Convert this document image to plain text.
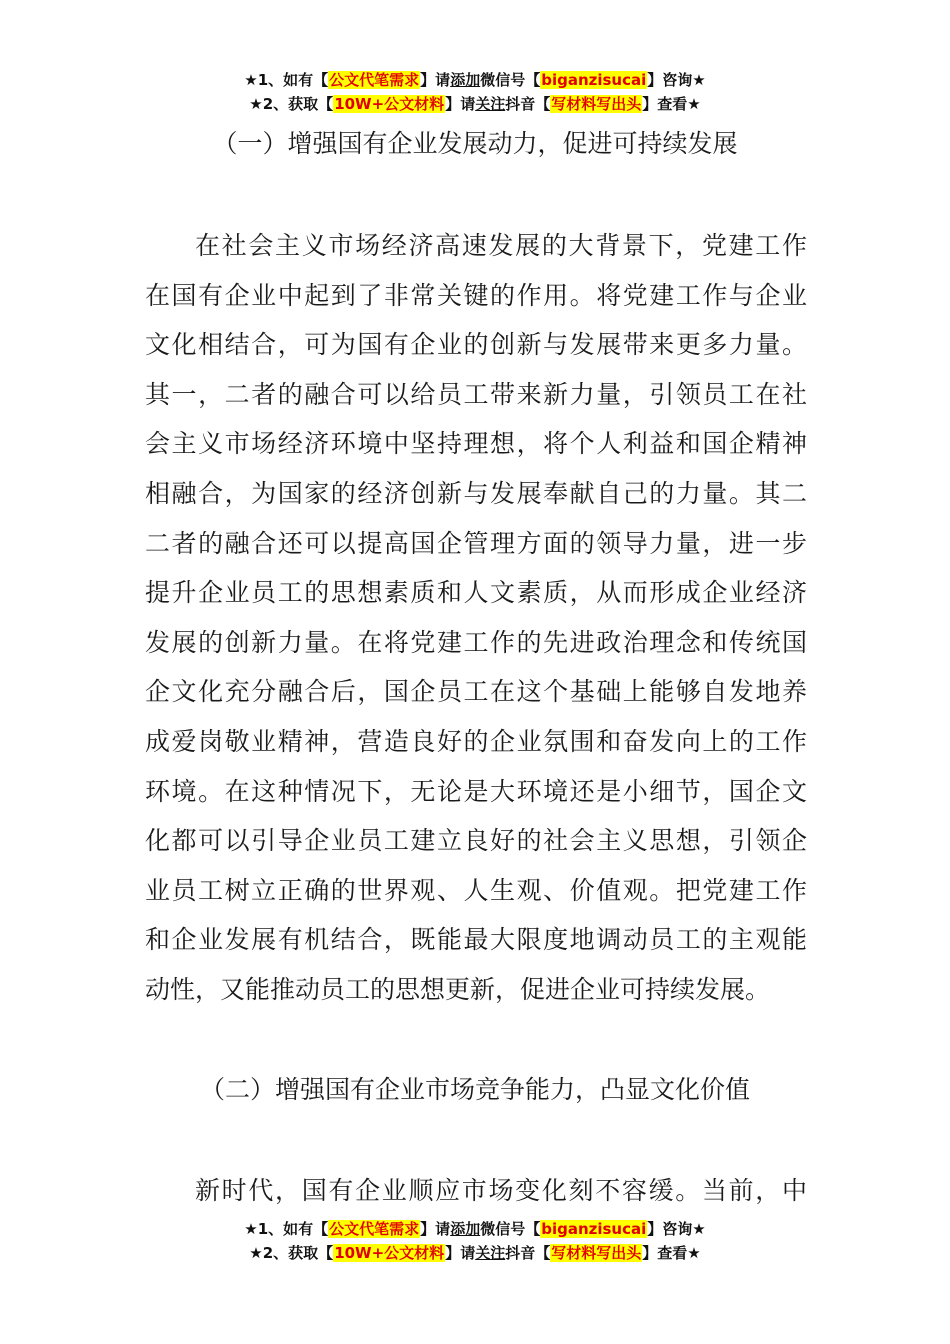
★1、如有【公文代笔需求】请添加微信号【biganzisucai】咨询★
★2、获取【10W+公文材料】请关注抖音【写材料写出头】查看★
（一）增强国有企业发展动力，促进可持续发展
在社会主义市场经济高速发展的大背景下，党建工作
在国有企业中起到了非常关键的作用。将党建工作与企业
文化相结合，可为国有企业的创新与发展带来更多力量。
其一，二者的融合可以给员工带来新力量，引领员工在社
会主义市场经济环境中坚持理想，将个人利益和国企精神
相融合，为国家的经济创新与发展奉献自己的力量。其二
二者的融合还可以提高国企管理方面的领导力量，进一步
提升企业员工的思想素质和人文素质，从而形成企业经济
发展的创新力量。在将党建工作的先进政治理念和传统国
企文化充分融合后，国企员工在这个基础上能够自发地养
成爱岗敬业精神，营造良好的企业氛围和奋发向上的工作
环境。在这种情况下，无论是大环境还是小细节，国企文
化都可以引导企业员工建立良好的社会主义思想，引领企
业员工树立正确的世界观、人生观、价值观。把党建工作
和企业发展有机结合，既能最大限度地调动员工的主观能
动性，又能推动员工的思想更新，促进企业可持续发展。
（二）增强国有企业市场竞争能力，凸显文化价值
新时代，国有企业顺应市场变化刻不容缓。当前，中
★1、如有【公文代笔需求】请添加微信号【biganzisucai】咨询★
★2、获取【10W+公文材料】请关注抖音【写材料写出头】查看★
